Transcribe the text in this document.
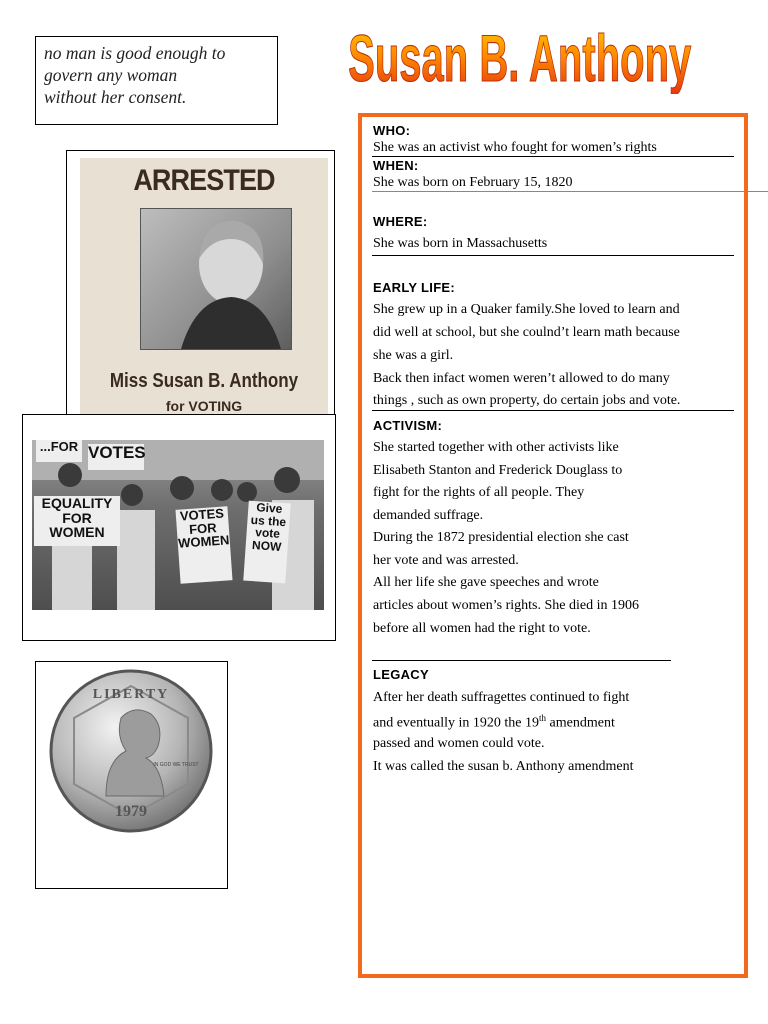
Susan B. Anthony
no man is good enough to
govern any woman
without her consent.
ARRESTED
Miss Susan B. Anthony
for VOTING
...FOR VOTES
EQUALITY FOR WOMEN
VOTES FOR WOMEN
Give us the vote NOW
LIBERTY
IN GOD WE TRUST
1979
WHO:
She was an activist who fought for women’s rights
WHEN:
She was born on February 15, 1820
WHERE:
She was born in Massachusetts
EARLY LIFE:
She grew up in a Quaker family.She loved to learn and
did well at school, but she coulnd’t learn math because
she was a girl.
Back then infact women weren’t allowed to do many
things , such as own property, do certain jobs and vote.
ACTIVISM:
She started together with other activists like
Elisabeth Stanton and Frederick Douglass to
fight for the rights of all people. They
demanded suffrage.
During the 1872 presidential election she cast
her vote and was arrested.
All her life she gave speeches and wrote
articles about women’s rights. She died in 1906
before all women had the right to vote.
LEGACY
After her death suffragettes continued to fight
and eventually in 1920 the 19th amendment
passed and women could vote.
It was called the susan b. Anthony amendment
